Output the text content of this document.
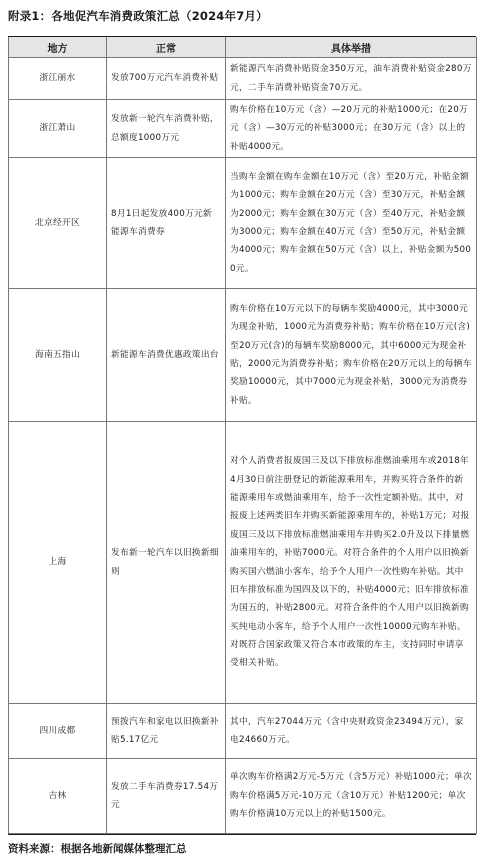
附录1：各地促汽车消费政策汇总（2024年7月）
地方	正常	具体举措
浙江丽水	发放700万元汽车消费补贴	新能源汽车消费补贴资金350万元，油车消费补贴资金280万元，二手车消费补贴资金70万元。
浙江萧山	发放新一轮汽车消费补贴，总额度1000万元	购车价格在10万元（含）—20万元的补贴1000元；在20万元（含）—30万元的补贴3000元；在30万元（含）以上的补贴4000元。
北京经开区	8月1日起发放400万元新能源车消费券	当购车金额在购车金额在10万元（含）至20万元，补贴金额为1000元；购车金额在20万元（含）至30万元，补贴金额为2000元；购车金额在30万元（含）至40万元，补贴金额为3000元；购车金额在40万元（含）至50万元，补贴金额为4000元；购车金额在50万元（含）以上，补贴金额为5000元。
海南五指山	新能源车消费优惠政策出台	购车价格在10万元以下的每辆车奖励4000元，其中3000元为现金补贴，1000元为消费券补贴；购车价格在10万元(含)至20万元(含)的每辆车奖励8000元，其中6000元为现金补贴，2000元为消费券补贴；购车价格在20万元以上的每辆车奖励10000元，其中7000元为现金补贴，3000元为消费券补贴。
上海	发布新一轮汽车以旧换新细则	对个人消费者报废国三及以下排放标准燃油乘用车或2018年4月30日前注册登记的新能源乘用车，并购买符合条件的新能源乘用车或燃油乘用车，给予一次性定额补贴。其中，对报废上述两类旧车并购买新能源乘用车的，补贴1万元；对报废国三及以下排放标准燃油乘用车并购买2.0升及以下排量燃油乘用车的，补贴7000元。对符合条件的个人用户以旧换新购买国六燃油小客车，给予个人用户一次性购车补贴。其中旧车排放标准为国四及以下的，补贴4000元；旧车排放标准为国五的，补贴2800元。对符合条件的个人用户以旧换新购买纯电动小客车，给予个人用户一次性10000元购车补贴。对既符合国家政策又符合本市政策的车主，支持同时申请享受相关补贴。
四川成都	预拨汽车和家电以旧换新补贴5.17亿元	其中，汽车27044万元（含中央财政资金23494万元），家电24660万元。
吉林	发放二手车消费券17.54万元	单次购车价格满2万元-5万元（含5万元）补贴1000元；单次购车价格满5万元-10万元（含10万元）补贴1200元；单次购车价格满10万元以上的补贴1500元。
资料来源：根据各地新闻媒体整理汇总
